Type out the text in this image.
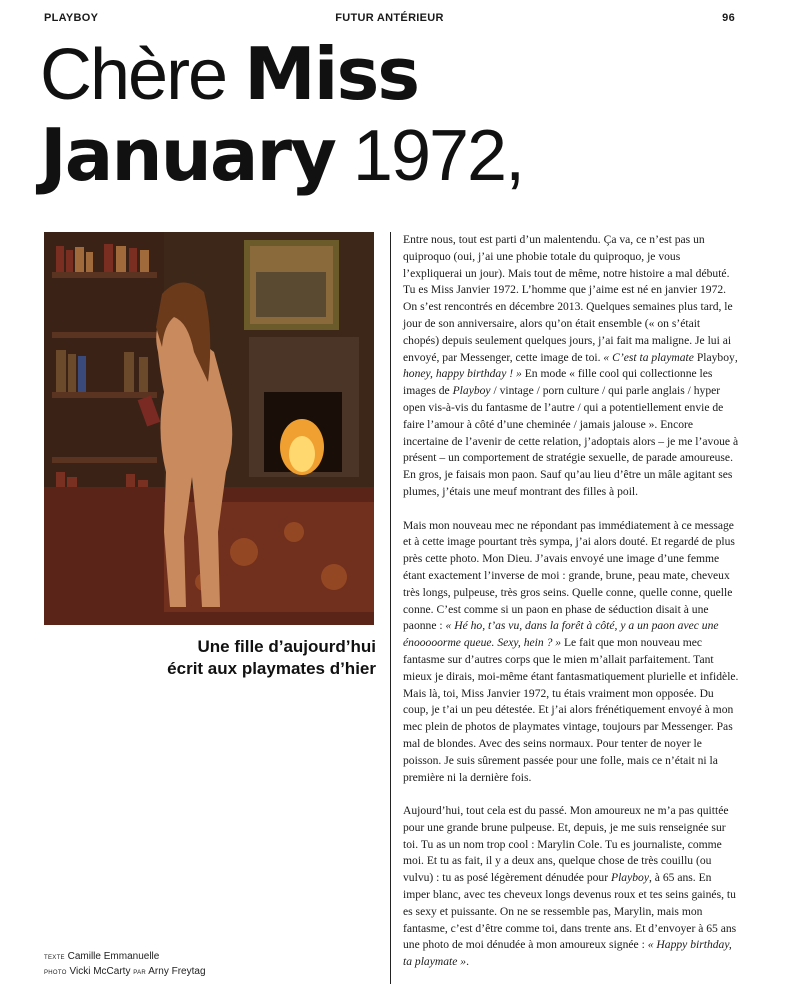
PLAYBOY	FUTUR ANTÉRIEUR	96
Chère Miss
January 1972,
Une fille d’aujourd’hui
écrit aux playmates d’hier
TEXTE Camille Emmanuelle
PHOTO Vicki McCarty PAR Arny Freytag

Entre nous, tout est parti d’un malentendu. Ça va, ce n’est pas un quiproquo (oui, j’ai une phobie totale du quiproquo, je vous l’expliquerai un jour). Mais tout de même, notre histoire a mal débuté. Tu es Miss Janvier 1972. L’homme que j’aime est né en janvier 1972. On s’est rencontrés en décembre 2013. Quelques semaines plus tard, le jour de son anniversaire, alors qu’on était ensemble (« on s’était chopés) depuis seulement quelques jours, j’ai fait ma maligne. Je lui ai envoyé, par Messenger, cette image de toi. « C’est ta playmate Playboy, honey, happy birthday ! » En mode « fille cool qui collectionne les images de Playboy / vintage / porn culture / qui parle anglais / hyper open vis-à-vis du fantasme de l’autre / qui a potentiellement envie de faire l’amour à côté d’une cheminée / jamais jalouse ». Encore incertaine de l’avenir de cette relation, j’adoptais alors – je me l’avoue à présent – un comportement de stratégie sexuelle, de parade amoureuse. En gros, je faisais mon paon. Sauf qu’au lieu d’être un mâle agitant ses plumes, j’étais une meuf montrant des filles à poil.

Mais mon nouveau mec ne répondant pas immédiatement à ce message et à cette image pourtant très sympa, j’ai alors douté. Et regardé de plus près cette photo. Mon Dieu. J’avais envoyé une image d’une femme étant exactement l’inverse de moi : grande, brune, peau mate, cheveux très longs, pulpeuse, très gros seins. Quelle conne, quelle conne, quelle conne. C’est comme si un paon en phase de séduction disait à une paonne : « Hé ho, t’as vu, dans la forêt à côté, y a un paon avec une énooooorme queue. Sexy, hein ? » Le fait que mon nouveau mec fantasme sur d’autres corps que le mien m’allait parfaitement. Tant mieux je dirais, moi-même étant fantasmatiquement plurielle et infidèle. Mais là, toi, Miss Janvier 1972, tu étais vraiment mon opposée. Du coup, je t’ai un peu détestée. Et j’ai alors frénétiquement envoyé à mon mec plein de photos de playmates vintage, toujours par Messenger. Pas mal de blondes. Avec des seins normaux. Pour tenter de noyer le poisson. Je suis sûrement passée pour une folle, mais ce n’était ni la première ni la dernière fois.

Aujourd’hui, tout cela est du passé. Mon amoureux ne m’a pas quittée pour une grande brune pulpeuse. Et, depuis, je me suis renseignée sur toi. Tu as un nom trop cool : Marylin Cole. Tu es journaliste, comme moi. Et tu as fait, il y a deux ans, quelque chose de très couillu (ou vulvu) : tu as posé légèrement dénudée pour Playboy, à 65 ans. En imper blanc, avec tes cheveux longs devenus roux et tes seins gainés, tu es sexy et puissante. On ne se ressemble pas, Marylin, mais mon fantasme, c’est d’être comme toi, dans trente ans. Et d’envoyer à 65 ans une photo de moi dénudée à mon amoureux signée : « Happy birthday, ta playmate ».
